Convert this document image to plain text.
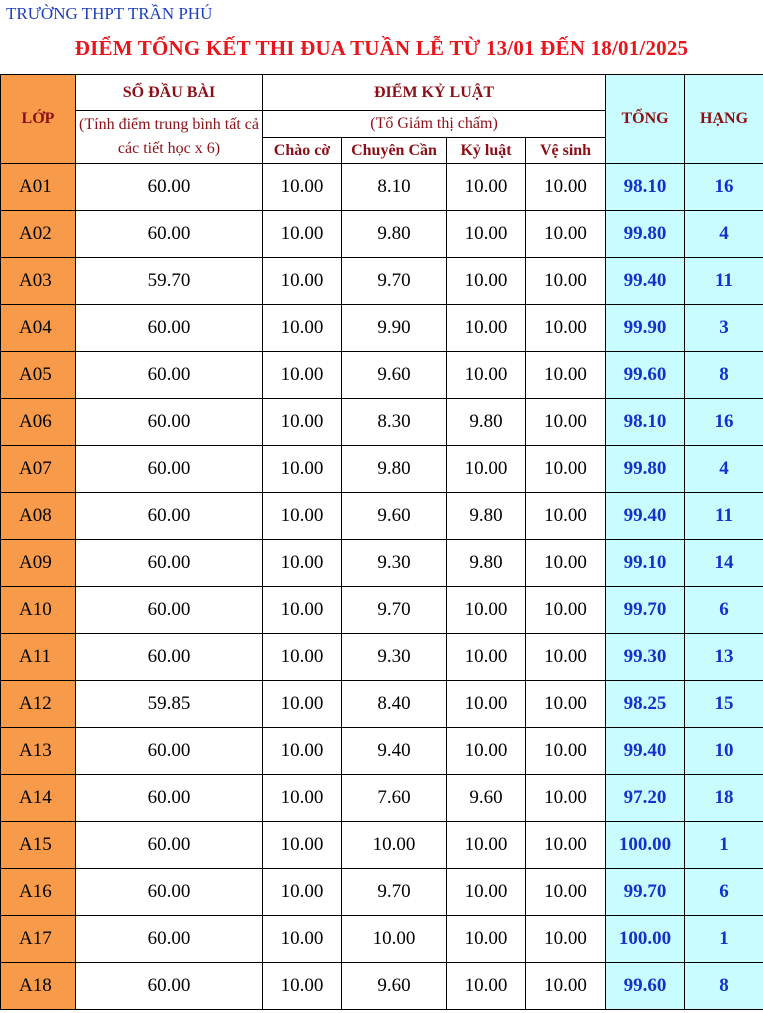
TRƯỜNG THPT TRẦN PHÚ
ĐIỂM TỔNG KẾT THI ĐUA TUẦN LỄ TỪ 13/01 ĐẾN 18/01/2025
LỚP	SỔ ĐẦU BÀI	ĐIỂM KỶ LUẬT				TỔNG	HẠNG
	(Tính điểm trung bình tất cả các tiết học x 6)	(Tổ Giám thị chấm)					
		Chào cờ	Chuyên Cần	Kỷ luật	Vệ sinh		
A01	60.00	10.00	8.10	10.00	10.00	98.10	16
A02	60.00	10.00	9.80	10.00	10.00	99.80	4
A03	59.70	10.00	9.70	10.00	10.00	99.40	11
A04	60.00	10.00	9.90	10.00	10.00	99.90	3
A05	60.00	10.00	9.60	10.00	10.00	99.60	8
A06	60.00	10.00	8.30	9.80	10.00	98.10	16
A07	60.00	10.00	9.80	10.00	10.00	99.80	4
A08	60.00	10.00	9.60	9.80	10.00	99.40	11
A09	60.00	10.00	9.30	9.80	10.00	99.10	14
A10	60.00	10.00	9.70	10.00	10.00	99.70	6
A11	60.00	10.00	9.30	10.00	10.00	99.30	13
A12	59.85	10.00	8.40	10.00	10.00	98.25	15
A13	60.00	10.00	9.40	10.00	10.00	99.40	10
A14	60.00	10.00	7.60	9.60	10.00	97.20	18
A15	60.00	10.00	10.00	10.00	10.00	100.00	1
A16	60.00	10.00	9.70	10.00	10.00	99.70	6
A17	60.00	10.00	10.00	10.00	10.00	100.00	1
A18	60.00	10.00	9.60	10.00	10.00	99.60	8
